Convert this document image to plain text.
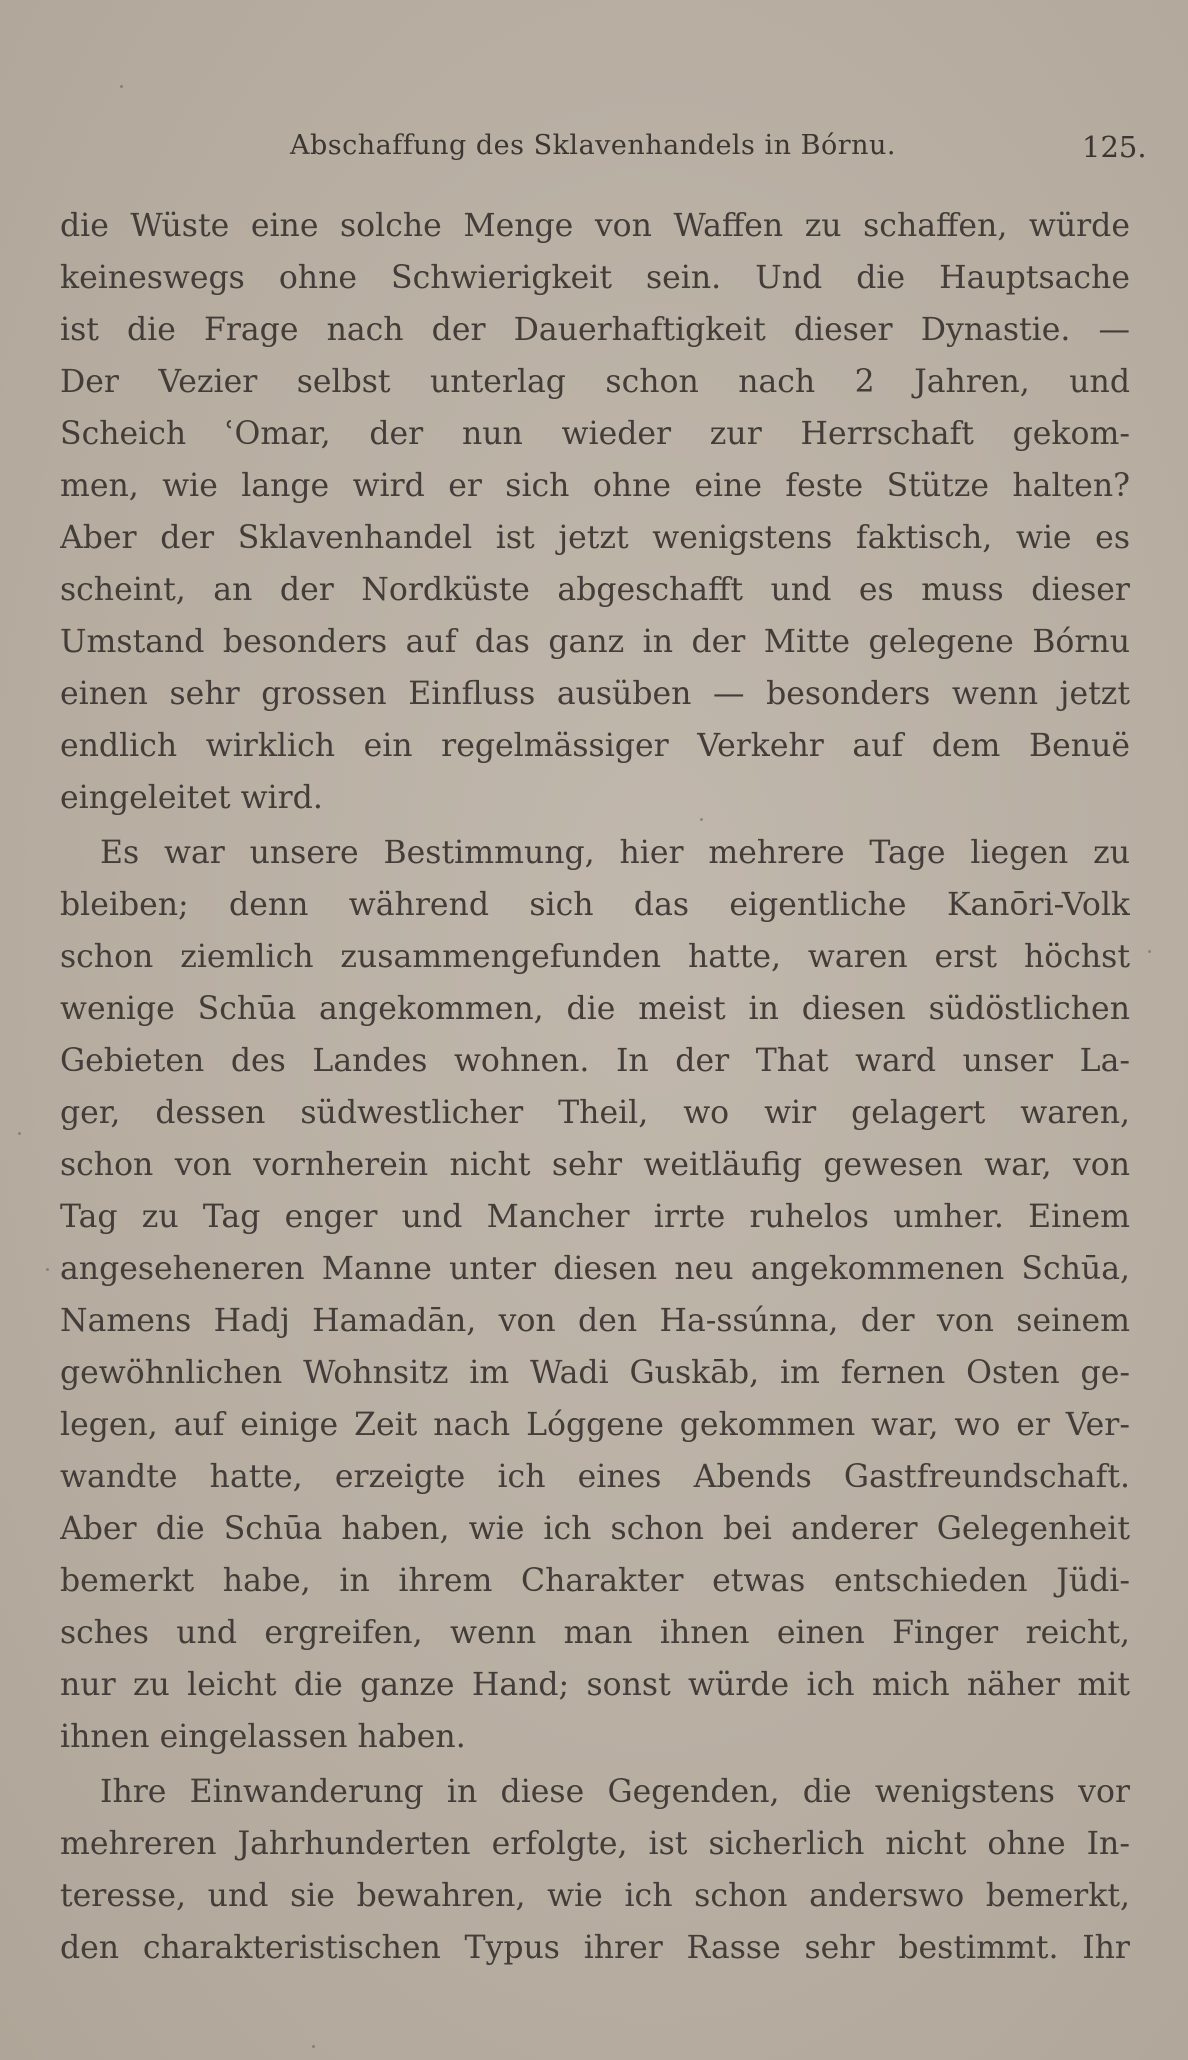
Abschaffung des Sklavenhandels in Bórnu.	125.
die Wüste eine solche Menge von Waffen zu schaffen, würde
keineswegs ohne Schwierigkeit sein. Und die Hauptsache
ist die Frage nach der Dauerhaftigkeit dieser Dynastie. —
Der Vezier selbst unterlag schon nach 2 Jahren, und
Scheich ʿOmar, der nun wieder zur Herrschaft gekom-
men, wie lange wird er sich ohne eine feste Stütze halten?
Aber der Sklavenhandel ist jetzt wenigstens faktisch, wie es
scheint, an der Nordküste abgeschafft und es muss dieser
Umstand besonders auf das ganz in der Mitte gelegene Bórnu
einen sehr grossen Einfluss ausüben — besonders wenn jetzt
endlich wirklich ein regelmässiger Verkehr auf dem Benuë
eingeleitet wird.
Es war unsere Bestimmung, hier mehrere Tage liegen zu
bleiben; denn während sich das eigentliche Kanōri-Volk
schon ziemlich zusammengefunden hatte, waren erst höchst
wenige Schūa angekommen, die meist in diesen südöstlichen
Gebieten des Landes wohnen. In der That ward unser La-
ger, dessen südwestlicher Theil, wo wir gelagert waren,
schon von vornherein nicht sehr weitläufig gewesen war, von
Tag zu Tag enger und Mancher irrte ruhelos umher. Einem
angeseheneren Manne unter diesen neu angekommenen Schūa,
Namens Hadj Hamadān, von den Ha-ssúnna, der von seinem
gewöhnlichen Wohnsitz im Wadi Guskāb, im fernen Osten ge-
legen, auf einige Zeit nach Lóggene gekommen war, wo er Ver-
wandte hatte, erzeigte ich eines Abends Gastfreundschaft.
Aber die Schūa haben, wie ich schon bei anderer Gelegenheit
bemerkt habe, in ihrem Charakter etwas entschieden Jüdi-
sches und ergreifen, wenn man ihnen einen Finger reicht,
nur zu leicht die ganze Hand; sonst würde ich mich näher mit
ihnen eingelassen haben.
Ihre Einwanderung in diese Gegenden, die wenigstens vor
mehreren Jahrhunderten erfolgte, ist sicherlich nicht ohne In-
teresse, und sie bewahren, wie ich schon anderswo bemerkt,
den charakteristischen Typus ihrer Rasse sehr bestimmt. Ihr
